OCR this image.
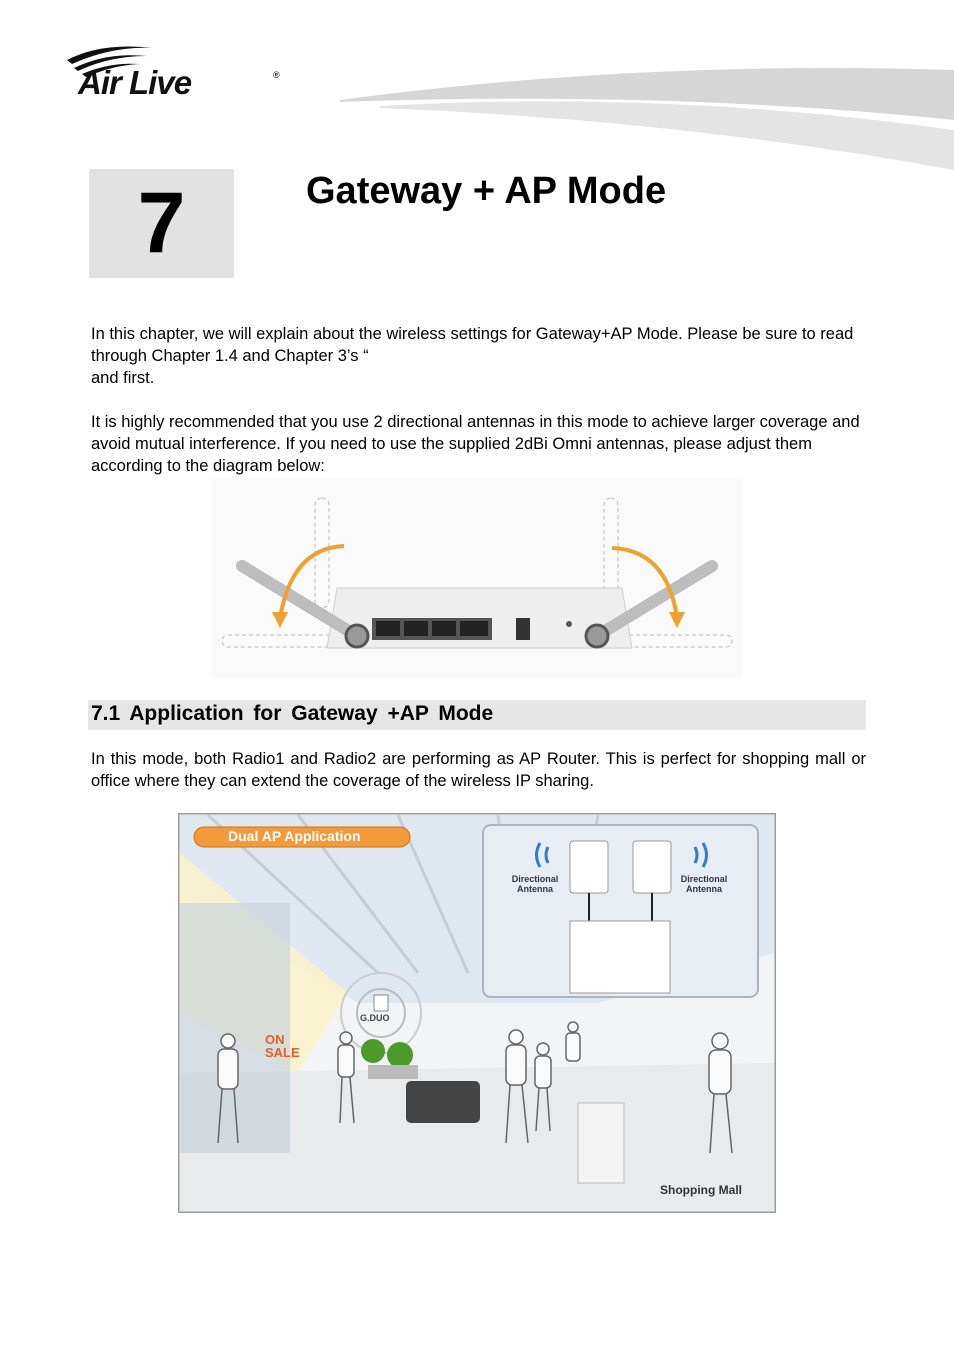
Air Live	®
7	Gateway + AP Mode
In this chapter, we will explain about the wireless settings for Gateway+AP Mode. Please be sure to read through Chapter 1.4 and Chapter 3’s “
and first.
It is highly recommended that you use 2 directional antennas in this mode to achieve larger coverage and avoid mutual interference. If you need to use the supplied 2dBi Omni antennas, please adjust them according to the diagram below:
7.1 Application for Gateway +AP Mode
In this mode, both Radio1 and Radio2 are performing as AP Router. This is perfect for shopping mall or office where they can extend the coverage of the wireless IP sharing.
Dual AP Application
Directional Antenna
Directional Antenna
G.DUO
ON SALE
Shopping Mall
